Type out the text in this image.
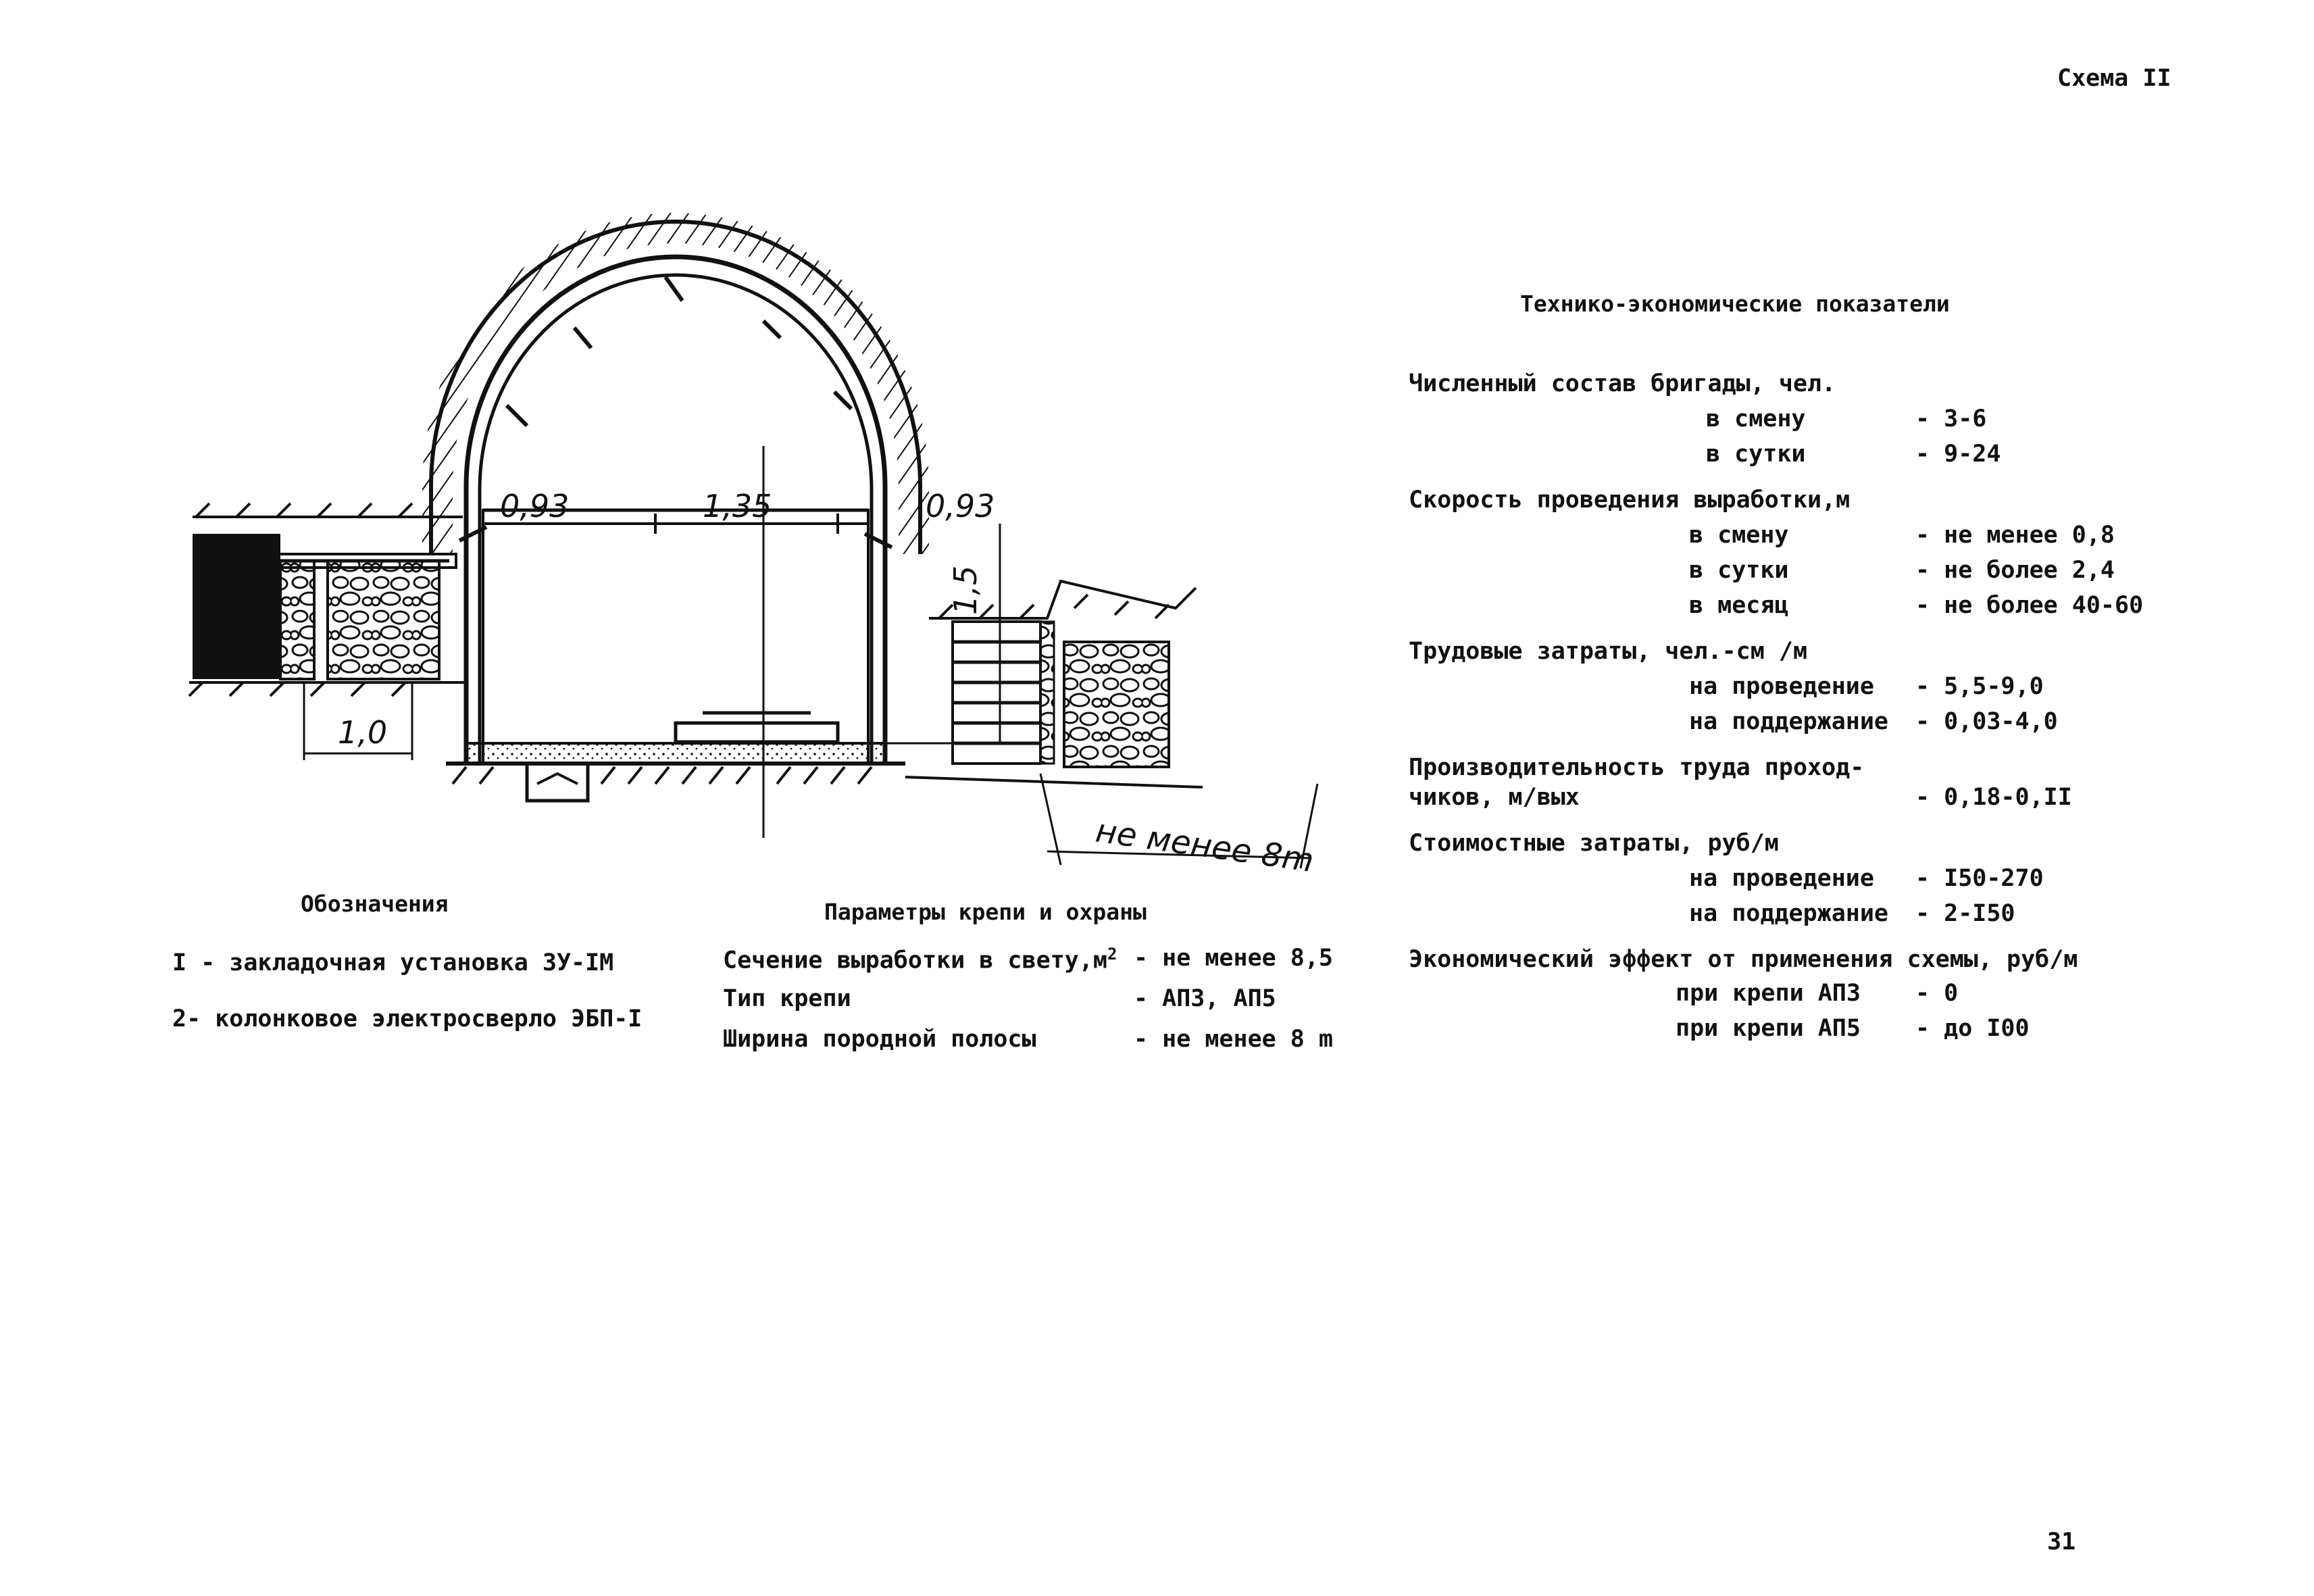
Схема II
31
0,93	1,35	0,93
1,5
1,0
не менее 8m
Обозначения
I - закладочная установка ЗУ-IM
2- колонковое электросверло ЭБП-I
Параметры крепи и охраны
Сечение выработки в $свету,м^2$ - не менее 8,5
Тип крепи	- АПЗ, АП5
Ширина породной полосы	- не менее 8 m
Технико-экономические показатели
Численный состав бригады, чел.
в смену	- 3-6
в сутки	- 9-24
Скорость проведения выработки,м
в смену	- не менее 0,8
в сутки	- не более 2,4
в месяц	- не более 40-60
Трудовые затраты, чел.-см /м
на проведение - 5,5-9,0
на поддержание - 0,03-4,0
Производительность труда проход-
чиков, м/вых	- 0,18-0,II
Стоимостные затраты, руб/м
на проведение - I50-270
на поддержание - 2-I50
Экономический эффект от применения схемы, руб/м
при крепи АПЗ - 0
при крепи АП5 - до I00
